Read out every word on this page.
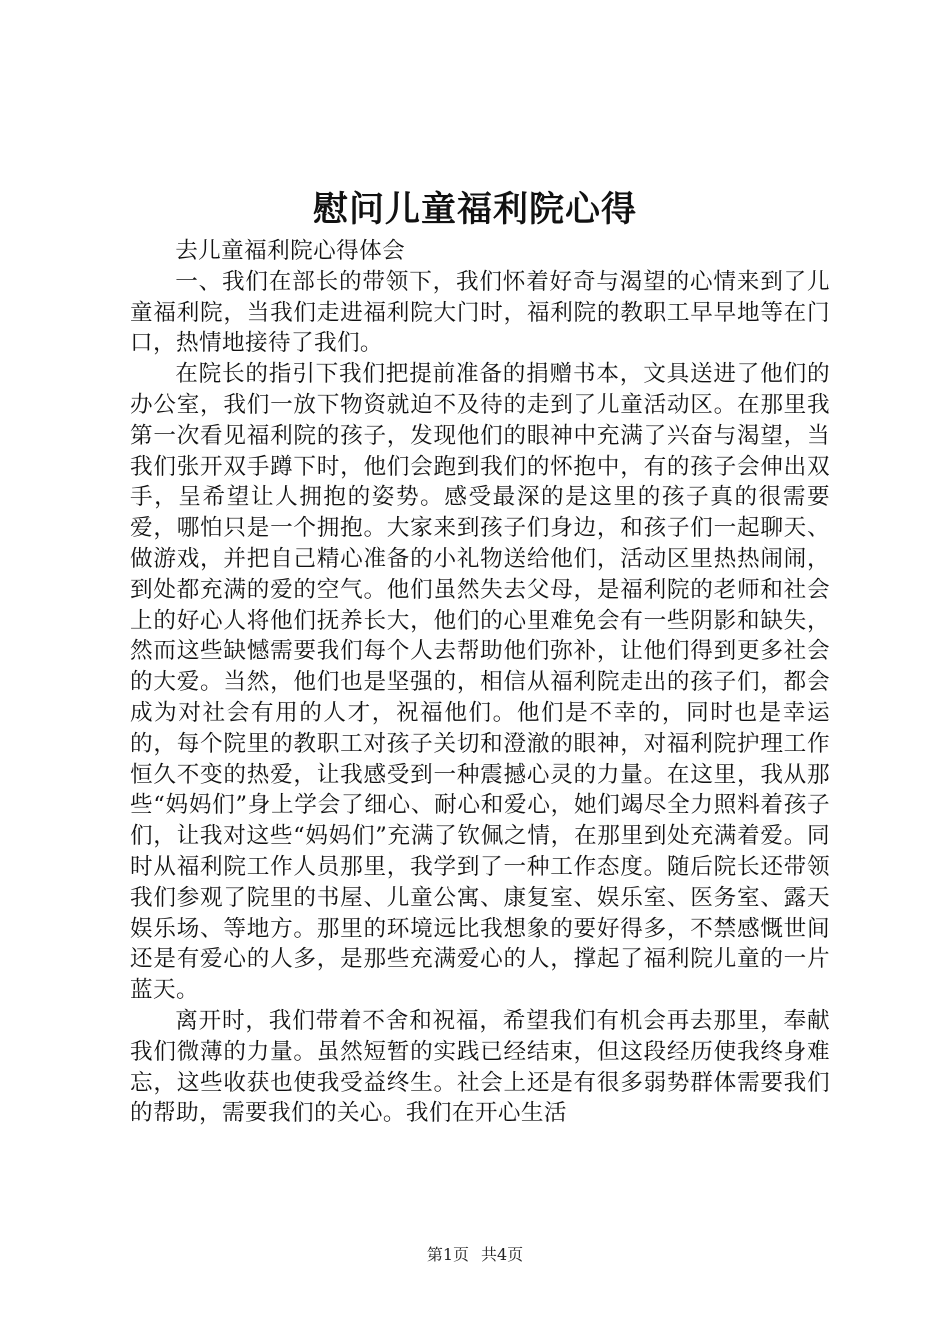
慰问儿童福利院心得

去儿童福利院心得体会

一、我们在部长的带领下，我们怀着好奇与渴望的心情来到了儿童福利院，当我们走进福利院大门时，福利院的教职工早早地等在门口，热情地接待了我们。

在院长的指引下我们把提前准备的捐赠书本，文具送进了他们的办公室，我们一放下物资就迫不及待的走到了儿童活动区。在那里我第一次看见福利院的孩子，发现他们的眼神中充满了兴奋与渴望，当我们张开双手蹲下时，他们会跑到我们的怀抱中，有的孩子会伸出双手，呈希望让人拥抱的姿势。感受最深的是这里的孩子真的很需要爱，哪怕只是一个拥抱。大家来到孩子们身边，和孩子们一起聊天、做游戏，并把自己精心准备的小礼物送给他们，活动区里热热闹闹，到处都充满的爱的空气。他们虽然失去父母，是福利院的老师和社会上的好心人将他们抚养长大，他们的心里难免会有一些阴影和缺失，然而这些缺憾需要我们每个人去帮助他们弥补，让他们得到更多社会的大爱。当然，他们也是坚强的，相信从福利院走出的孩子们，都会成为对社会有用的人才，祝福他们。他们是不幸的，同时也是幸运的，每个院里的教职工对孩子关切和澄澈的眼神，对福利院护理工作恒久不变的热爱，让我感受到一种震撼心灵的力量。在这里，我从那些“妈妈们”身上学会了细心、耐心和爱心，她们竭尽全力照料着孩子们，让我对这些“妈妈们”充满了钦佩之情，在那里到处充满着爱。同时从福利院工作人员那里，我学到了一种工作态度。随后院长还带领我们参观了院里的书屋、儿童公寓、康复室、娱乐室、医务室、露天娱乐场、等地方。那里的环境远比我想象的要好得多，不禁感慨世间还是有爱心的人多，是那些充满爱心的人，撑起了福利院儿童的一片蓝天。

离开时，我们带着不舍和祝福，希望我们有机会再去那里，奉献我们微薄的力量。虽然短暂的实践已经结束，但这段经历使我终身难忘，这些收获也使我受益终生。社会上还是有很多弱势群体需要我们的帮助，需要我们的关心。我们在开心生活

第1页 共4页
